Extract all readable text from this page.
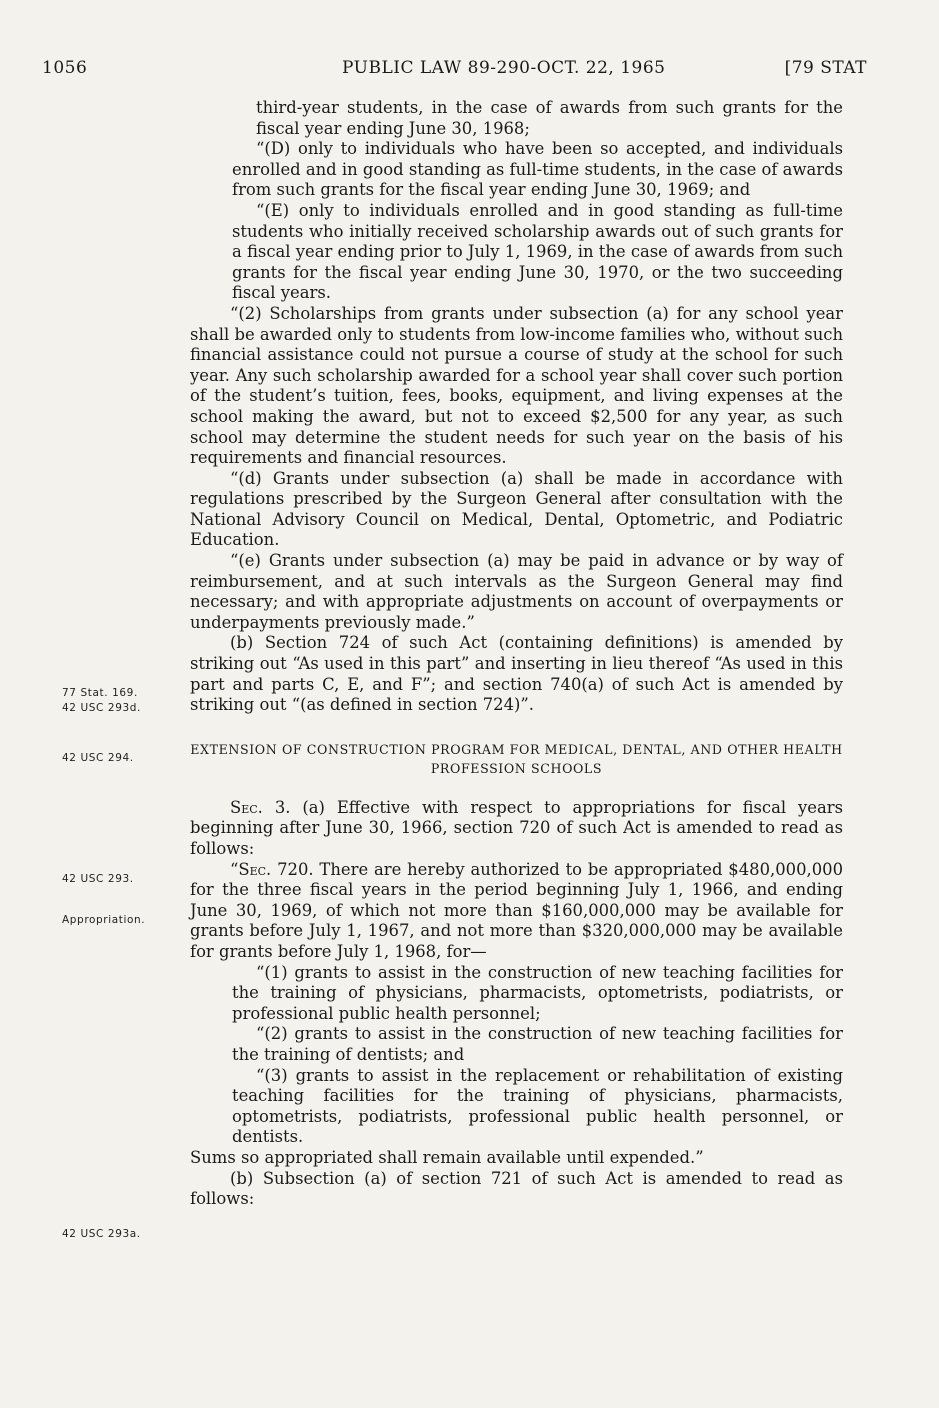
1056	PUBLIC LAW 89-290-OCT. 22, 1965	[79 STAT

third-year students, in the case of awards from such grants for the fiscal year ending June 30, 1968;

“(D) only to individuals who have been so accepted, and individuals enrolled and in good standing as full-time students, in the case of awards from such grants for the fiscal year ending June 30, 1969; and

“(E) only to individuals enrolled and in good standing as full-time students who initially received scholarship awards out of such grants for a fiscal year ending prior to July 1, 1969, in the case of awards from such grants for the fiscal year ending June 30, 1970, or the two succeeding fiscal years.

“(2) Scholarships from grants under subsection (a) for any school year shall be awarded only to students from low-income families who, without such financial assistance could not pursue a course of study at the school for such year. Any such scholarship awarded for a school year shall cover such portion of the student’s tuition, fees, books, equipment, and living expenses at the school making the award, but not to exceed $2,500 for any year, as such school may determine the student needs for such year on the basis of his requirements and financial resources.

“(d) Grants under subsection (a) shall be made in accordance with regulations prescribed by the Surgeon General after consultation with the National Advisory Council on Medical, Dental, Optometric, and Podiatric Education.

“(e) Grants under subsection (a) may be paid in advance or by way of reimbursement, and at such intervals as the Surgeon General may find necessary; and with appropriate adjustments on account of overpayments or underpayments previously made.”

(b) Section 724 of such Act (containing definitions) is amended by striking out “As used in this part” and inserting in lieu thereof “As used in this part and parts C, E, and F”; and section 740(a) of such Act is amended by striking out “(as defined in section 724)”.

EXTENSION OF CONSTRUCTION PROGRAM FOR MEDICAL, DENTAL, AND OTHER HEALTH PROFESSION SCHOOLS

Sec. 3. (a) Effective with respect to appropriations for fiscal years beginning after June 30, 1966, section 720 of such Act is amended to read as follows:

“Sec. 720. There are hereby authorized to be appropriated $480,000,000 for the three fiscal years in the period beginning July 1, 1966, and ending June 30, 1969, of which not more than $160,000,000 may be available for grants before July 1, 1967, and not more than $320,000,000 may be available for grants before July 1, 1968, for—

“(1) grants to assist in the construction of new teaching facilities for the training of physicians, pharmacists, optometrists, podiatrists, or professional public health personnel;

“(2) grants to assist in the construction of new teaching facilities for the training of dentists; and

“(3) grants to assist in the replacement or rehabilitation of existing teaching facilities for the training of physicians, pharmacists, optometrists, podiatrists, professional public health personnel, or dentists.

Sums so appropriated shall remain available until expended.”

(b) Subsection (a) of section 721 of such Act is amended to read as follows:

77 Stat. 169.
42 USC 293d.
42 USC 294.
42 USC 293.
Appropriation.
42 USC 293a.
